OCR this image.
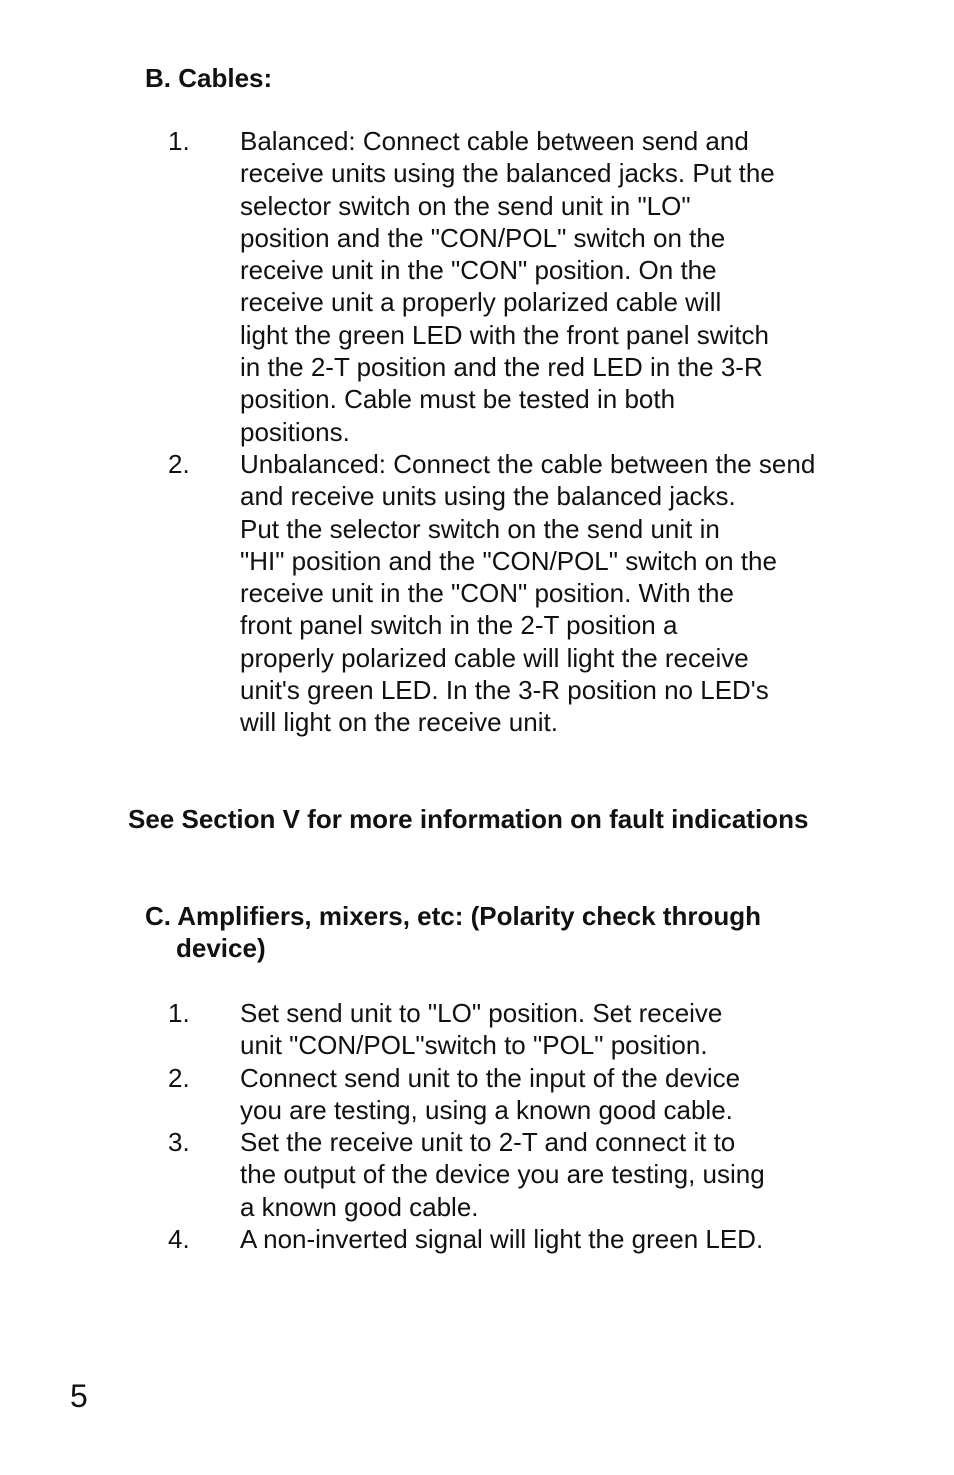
B. Cables:
1. Balanced: Connect cable between send and
receive units using the balanced jacks. Put the
selector switch on the send unit in "LO"
position and the "CON/POL" switch on the
receive unit in the "CON" position. On the
receive unit a properly polarized cable will
light the green LED with the front panel switch
in the 2-T position and the red LED in the 3-R
position. Cable must be tested in both
positions.
2. Unbalanced: Connect the cable between the send
and receive units using the balanced jacks.
Put the selector switch on the send unit in
"HI" position and the "CON/POL" switch on the
receive unit in the "CON" position. With the
front panel switch in the 2-T position a
properly polarized cable will light the receive
unit's green LED. In the 3-R position no LED's
will light on the receive unit.
See Section V for more information on fault indications
C. Amplifiers, mixers, etc: (Polarity check through
device)
1. Set send unit to "LO" position. Set receive
unit "CON/POL"switch to "POL" position.
2. Connect send unit to the input of the device
you are testing, using a known good cable.
3. Set the receive unit to 2-T and connect it to
the output of the device you are testing, using
a known good cable.
4. A non-inverted signal will light the green LED.
5
